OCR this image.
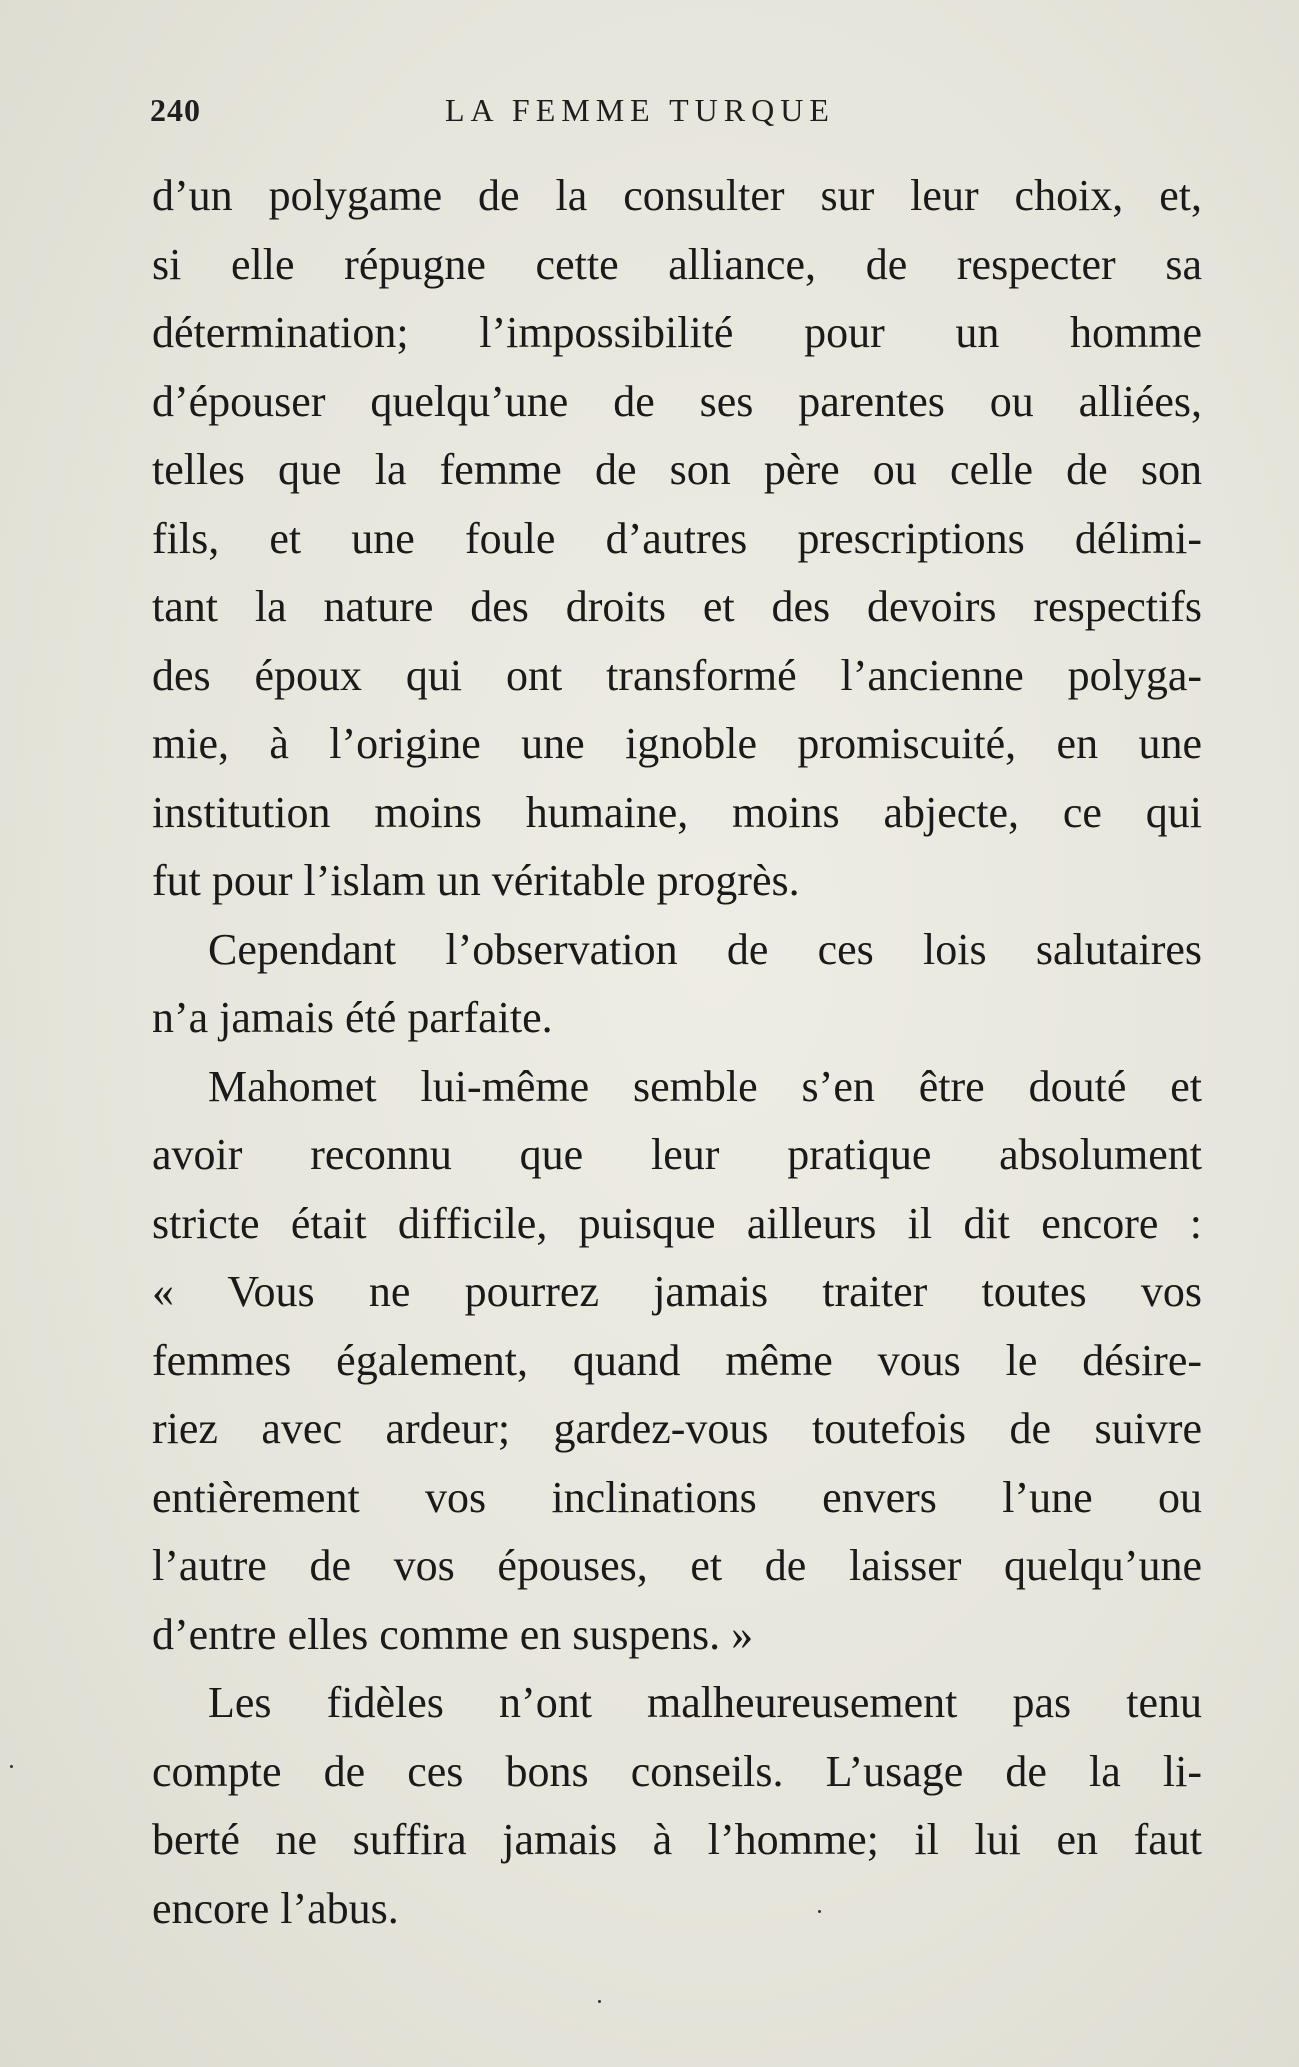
240	LA FEMME TURQUE
d’un polygame de la consulter sur leur choix, et,
si elle répugne cette alliance, de respecter sa
détermination; l’impossibilité pour un homme
d’épouser quelqu’une de ses parentes ou alliées,
telles que la femme de son père ou celle de son
fils, et une foule d’autres prescriptions délimi-
tant la nature des droits et des devoirs respectifs
des époux qui ont transformé l’ancienne polyga-
mie, à l’origine une ignoble promiscuité, en une
institution moins humaine, moins abjecte, ce qui
fut pour l’islam un véritable progrès.
Cependant l’observation de ces lois salutaires
n’a jamais été parfaite.
Mahomet lui-même semble s’en être douté et
avoir reconnu que leur pratique absolument
stricte était difficile, puisque ailleurs il dit encore :
« Vous ne pourrez jamais traiter toutes vos
femmes également, quand même vous le désire-
riez avec ardeur; gardez-vous toutefois de suivre
entièrement vos inclinations envers l’une ou
l’autre de vos épouses, et de laisser quelqu’une
d’entre elles comme en suspens. »
Les fidèles n’ont malheureusement pas tenu
compte de ces bons conseils. L’usage de la li-
berté ne suffira jamais à l’homme; il lui en faut
encore l’abus.
